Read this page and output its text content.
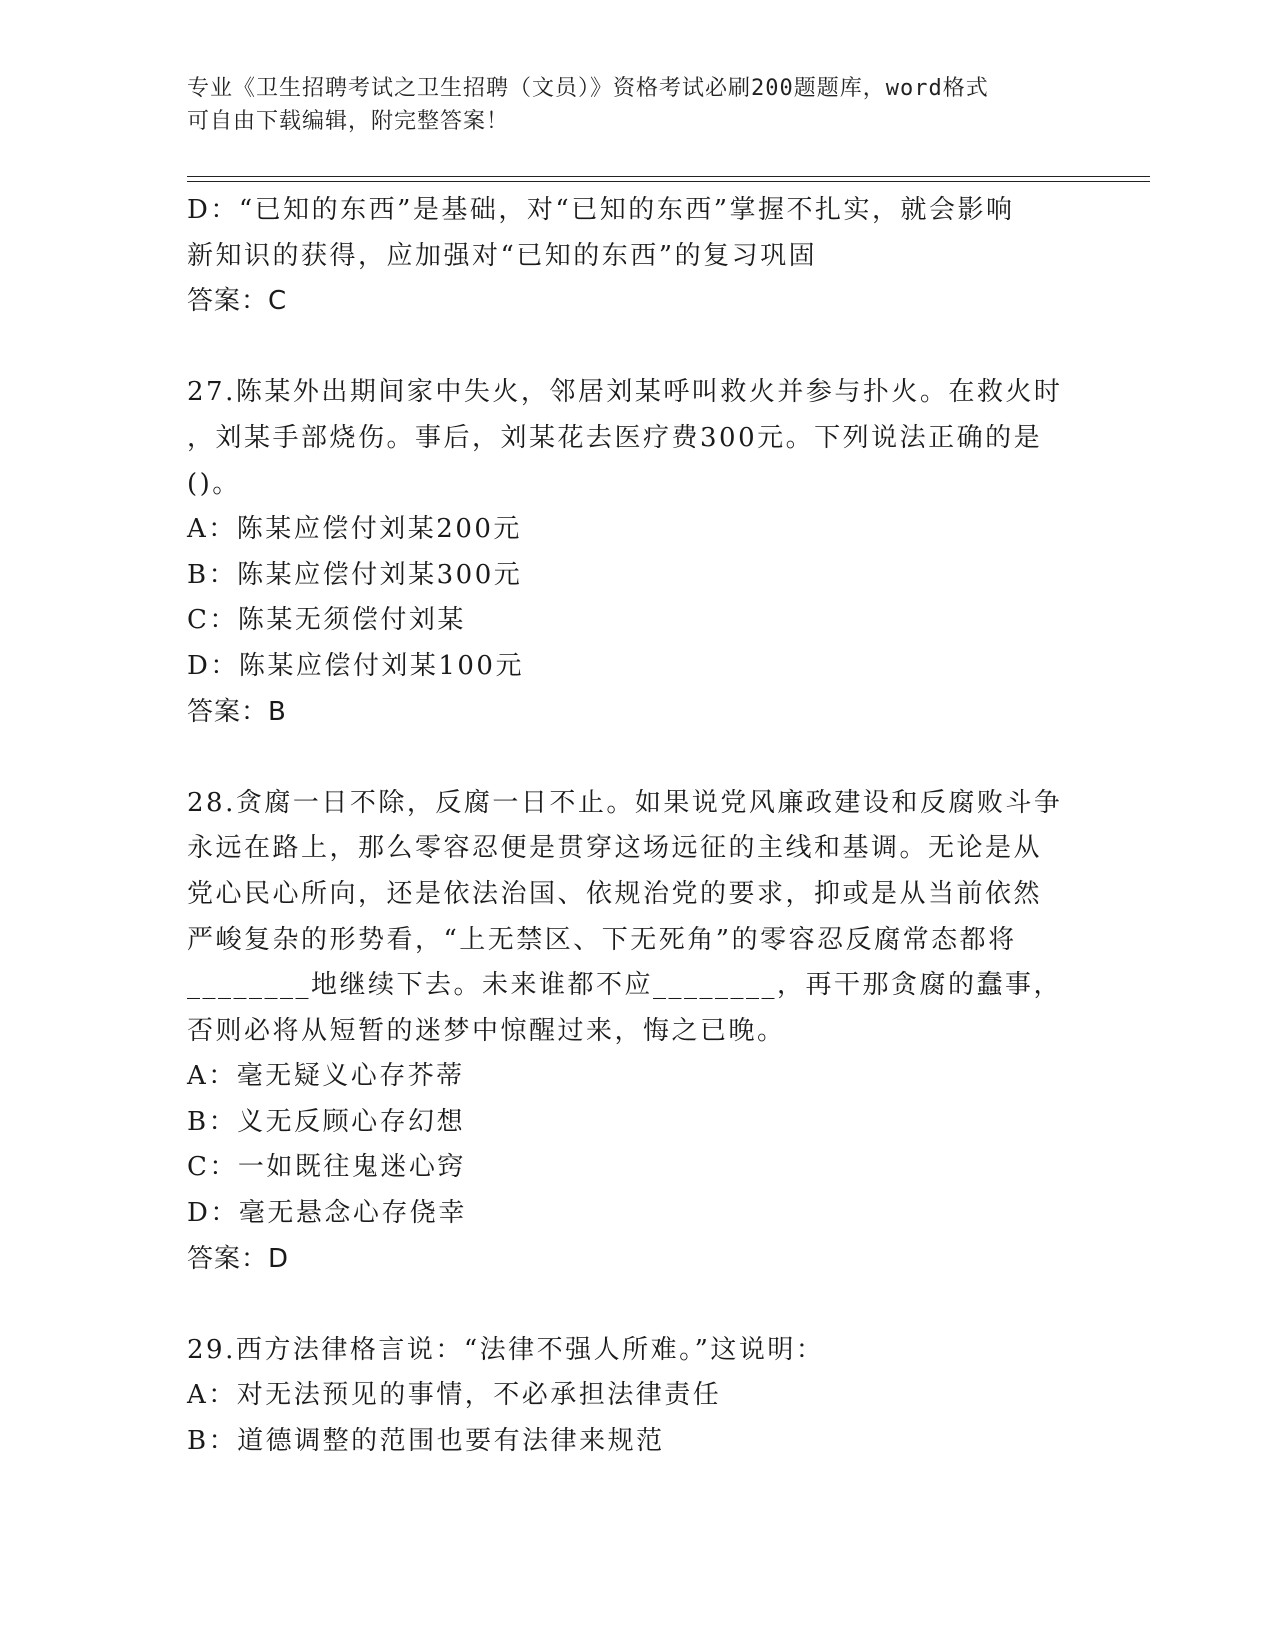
专业《卫生招聘考试之卫生招聘（文员）》资格考试必刷200题题库，word格式
可自由下载编辑，附完整答案！
D：“已知的东西”是基础，对“已知的东西”掌握不扎实，就会影响
新知识的获得，应加强对“已知的东西”的复习巩固
答案：C
27.陈某外出期间家中失火，邻居刘某呼叫救火并参与扑火。在救火时
，刘某手部烧伤。事后，刘某花去医疗费300元。下列说法正确的是
()。
A：陈某应偿付刘某200元
B：陈某应偿付刘某300元
C：陈某无须偿付刘某
D：陈某应偿付刘某100元
答案：B
28.贪腐一日不除，反腐一日不止。如果说党风廉政建设和反腐败斗争
永远在路上，那么零容忍便是贯穿这场远征的主线和基调。无论是从
党心民心所向，还是依法治国、依规治党的要求，抑或是从当前依然
严峻复杂的形势看，“上无禁区、下无死角”的零容忍反腐常态都将
________地继续下去。未来谁都不应________，再干那贪腐的蠢事，
否则必将从短暂的迷梦中惊醒过来，悔之已晚。
A：毫无疑义心存芥蒂
B：义无反顾心存幻想
C：一如既往鬼迷心窍
D：毫无悬念心存侥幸
答案：D
29.西方法律格言说：“法律不强人所难。”这说明：
A：对无法预见的事情，不必承担法律责任
B：道德调整的范围也要有法律来规范
